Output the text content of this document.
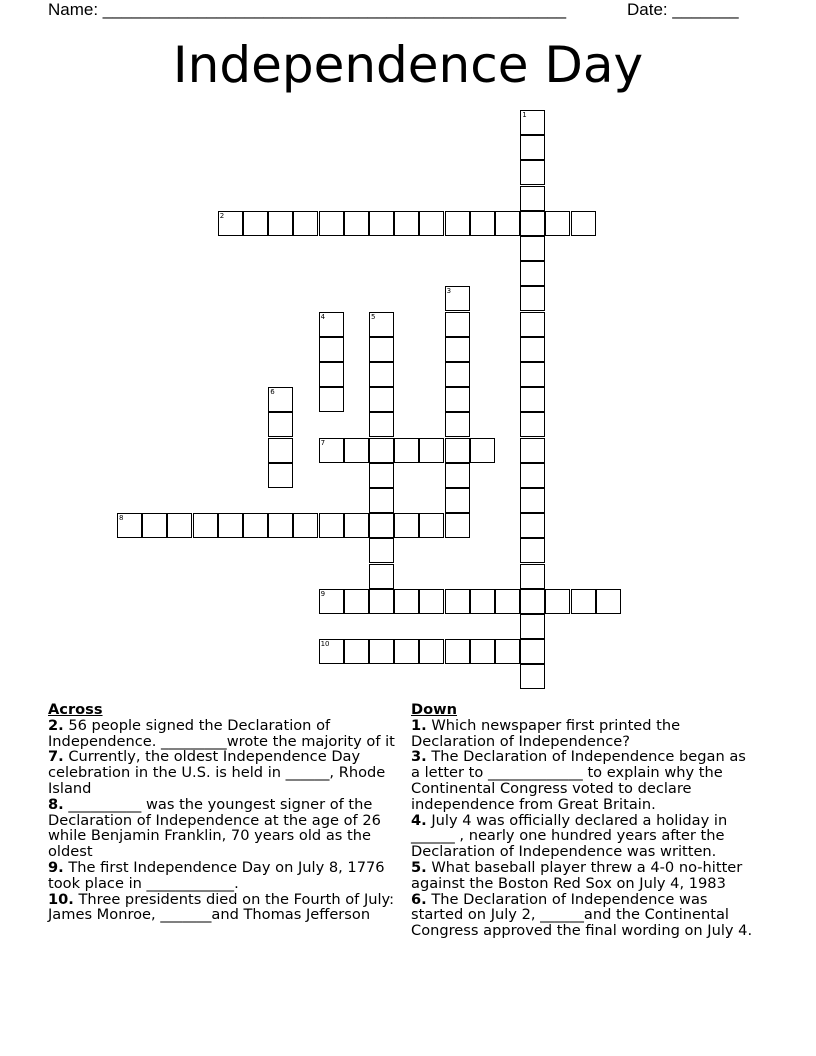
Name: _________________________________________________	Date: _______
Independence Day
1
2
3
4	5
6
7
8
9
10
Across
2. 56 people signed the Declaration of Independence. _________wrote the majority of it
7. Currently, the oldest Independence Day celebration in the U.S. is held in ______, Rhode Island
8. __________ was the youngest signer of the Declaration of Independence at the age of 26 while Benjamin Franklin, 70 years old as the oldest
9. The first Independence Day on July 8, 1776 took place in ____________.
10. Three presidents died on the Fourth of July: James Monroe, _______and Thomas Jefferson
Down
1. Which newspaper first printed the Declaration of Independence?
3. The Declaration of Independence began as a letter to _____________ to explain why the Continental Congress voted to declare independence from Great Britain.
4. July 4 was officially declared a holiday in ______ , nearly one hundred years after the Declaration of Independence was written.
5. What baseball player threw a 4-0 no-hitter against the Boston Red Sox on July 4, 1983
6. The Declaration of Independence was started on July 2, ______and the Continental Congress approved the final wording on July 4.
